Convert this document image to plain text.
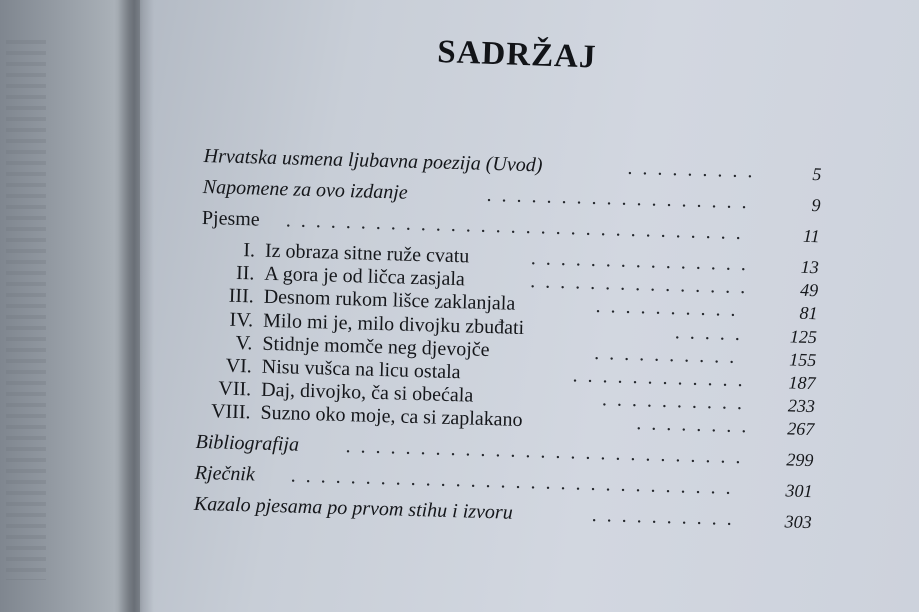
SADRŽAJ
Hrvatska usmena ljubavna poezija (Uvod)	.........	5
Napomene za ovo izdanje	..................	9
Pjesme ...............................	11
I. Iz obraza sitne ruže cvatu	............... 13
II. A gora je od ličca zasjala	............... 49
III. Desnom rukom lišce zaklanjala	..........	81
IV. Milo mi je, milo divojku zbuđati	..... 125
V. Stidnje momče neg djevojče	.......... 155
VI. Nisu vušca na licu ostala	............ 187
VII. Daj, divojko, ča si obećala	.......... 233
VIII. Suzno oko moje, ca si zaplakano	........ 267
Bibliografija ........................... 299
Rječnik .............................. 301
Kazalo pjesama po prvom stihu i izvoru	.......... 303
